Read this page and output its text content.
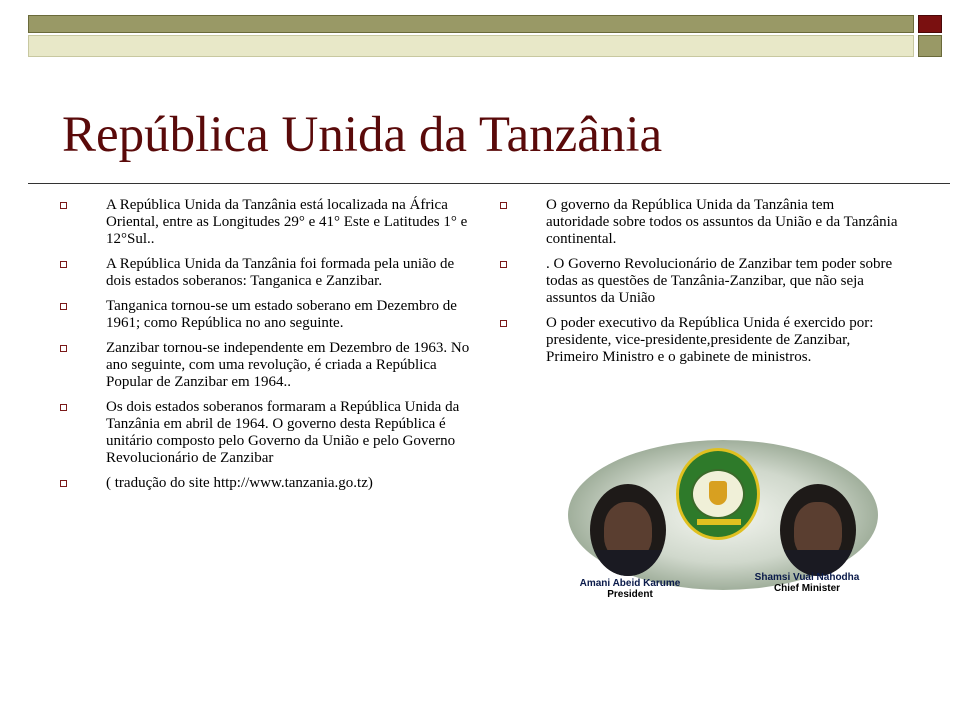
República Unida da Tanzânia
A República Unida da Tanzânia está localizada na África Oriental, entre as Longitudes 29° e 41° Este e Latitudes 1° e 12°Sul..
A República Unida da Tanzânia foi formada pela união de dois estados soberanos: Tanganica e Zanzibar.
Tanganica tornou-se um estado soberano em Dezembro de 1961; como República no ano seguinte.
Zanzibar tornou-se independente em Dezembro de 1963. No ano seguinte, com uma revolução, é criada a República Popular de Zanzibar em 1964..
Os dois estados soberanos formaram a República Unida da Tanzânia em abril de 1964. O governo desta República é unitário composto pelo Governo da União e pelo Governo Revolucionário de Zanzibar
( tradução do site http://www.tanzania.go.tz)
O governo da República Unida da Tanzânia tem autoridade sobre todos os assuntos da União e da Tanzânia continental.
. O Governo Revolucionário de Zanzibar tem poder sobre todas as questões de Tanzânia-Zanzibar, que não seja assuntos da União
O poder executivo da República Unida é exercido por: presidente, vice-presidente,presidente de Zanzibar, Primeiro Ministro e o gabinete de ministros.
Amani Abeid Karume
President
Shamsi Vuai Nahodha
Chief Minister
